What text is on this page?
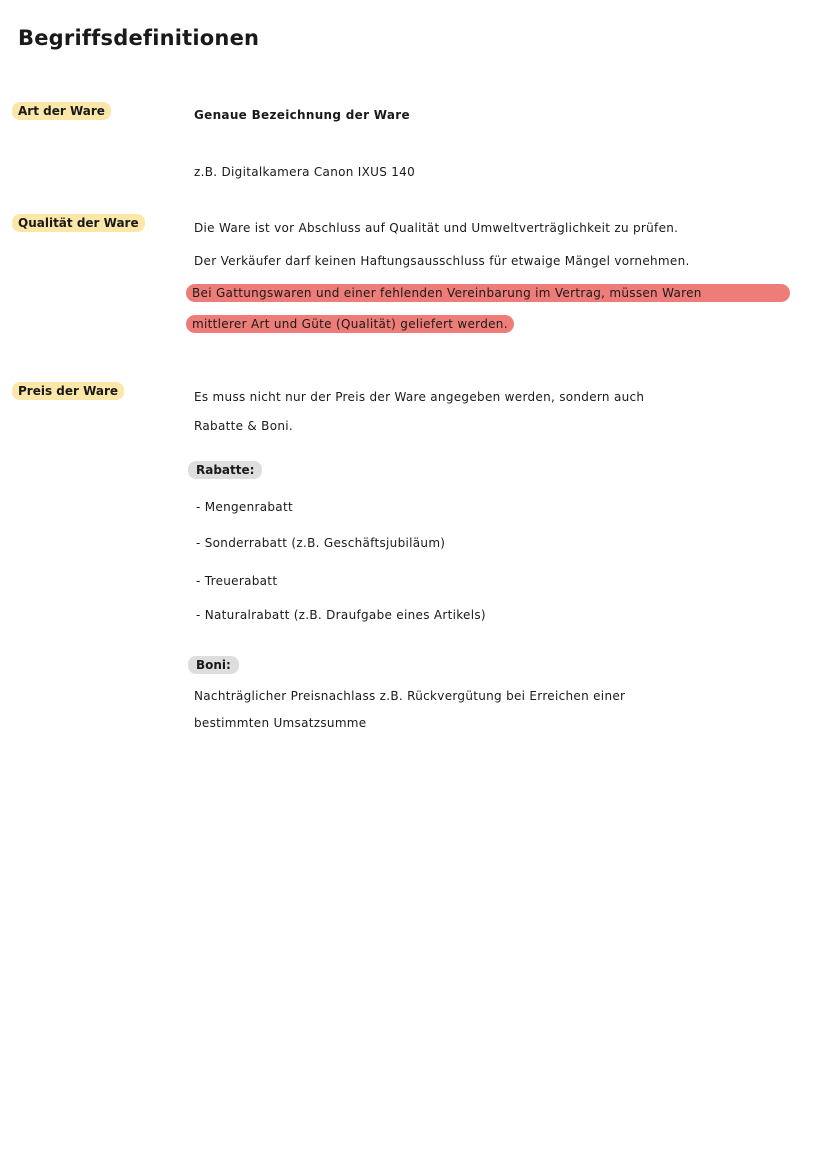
Begriffsdefinitionen
Art der Ware	Genaue Bezeichnung der Ware
z.B. Digitalkamera Canon IXUS 140
Qualität der Ware	Die Ware ist vor Abschluss auf Qualität und Umweltverträglichkeit zu prüfen.
Der Verkäufer darf keinen Haftungsausschluss für etwaige Mängel vornehmen.
Bei Gattungswaren und einer fehlenden Vereinbarung im Vertrag, müssen Waren
mittlerer Art und Güte (Qualität) geliefert werden.
Preis der Ware	Es muss nicht nur der Preis der Ware angegeben werden, sondern auch
Rabatte & Boni.
Rabatte:
- Mengenrabatt
- Sonderrabatt (z.B. Geschäftsjubiläum)
- Treuerabatt
- Naturalrabatt (z.B. Draufgabe eines Artikels)
Boni:
Nachträglicher Preisnachlass z.B. Rückvergütung bei Erreichen einer
bestimmten Umsatzsumme
